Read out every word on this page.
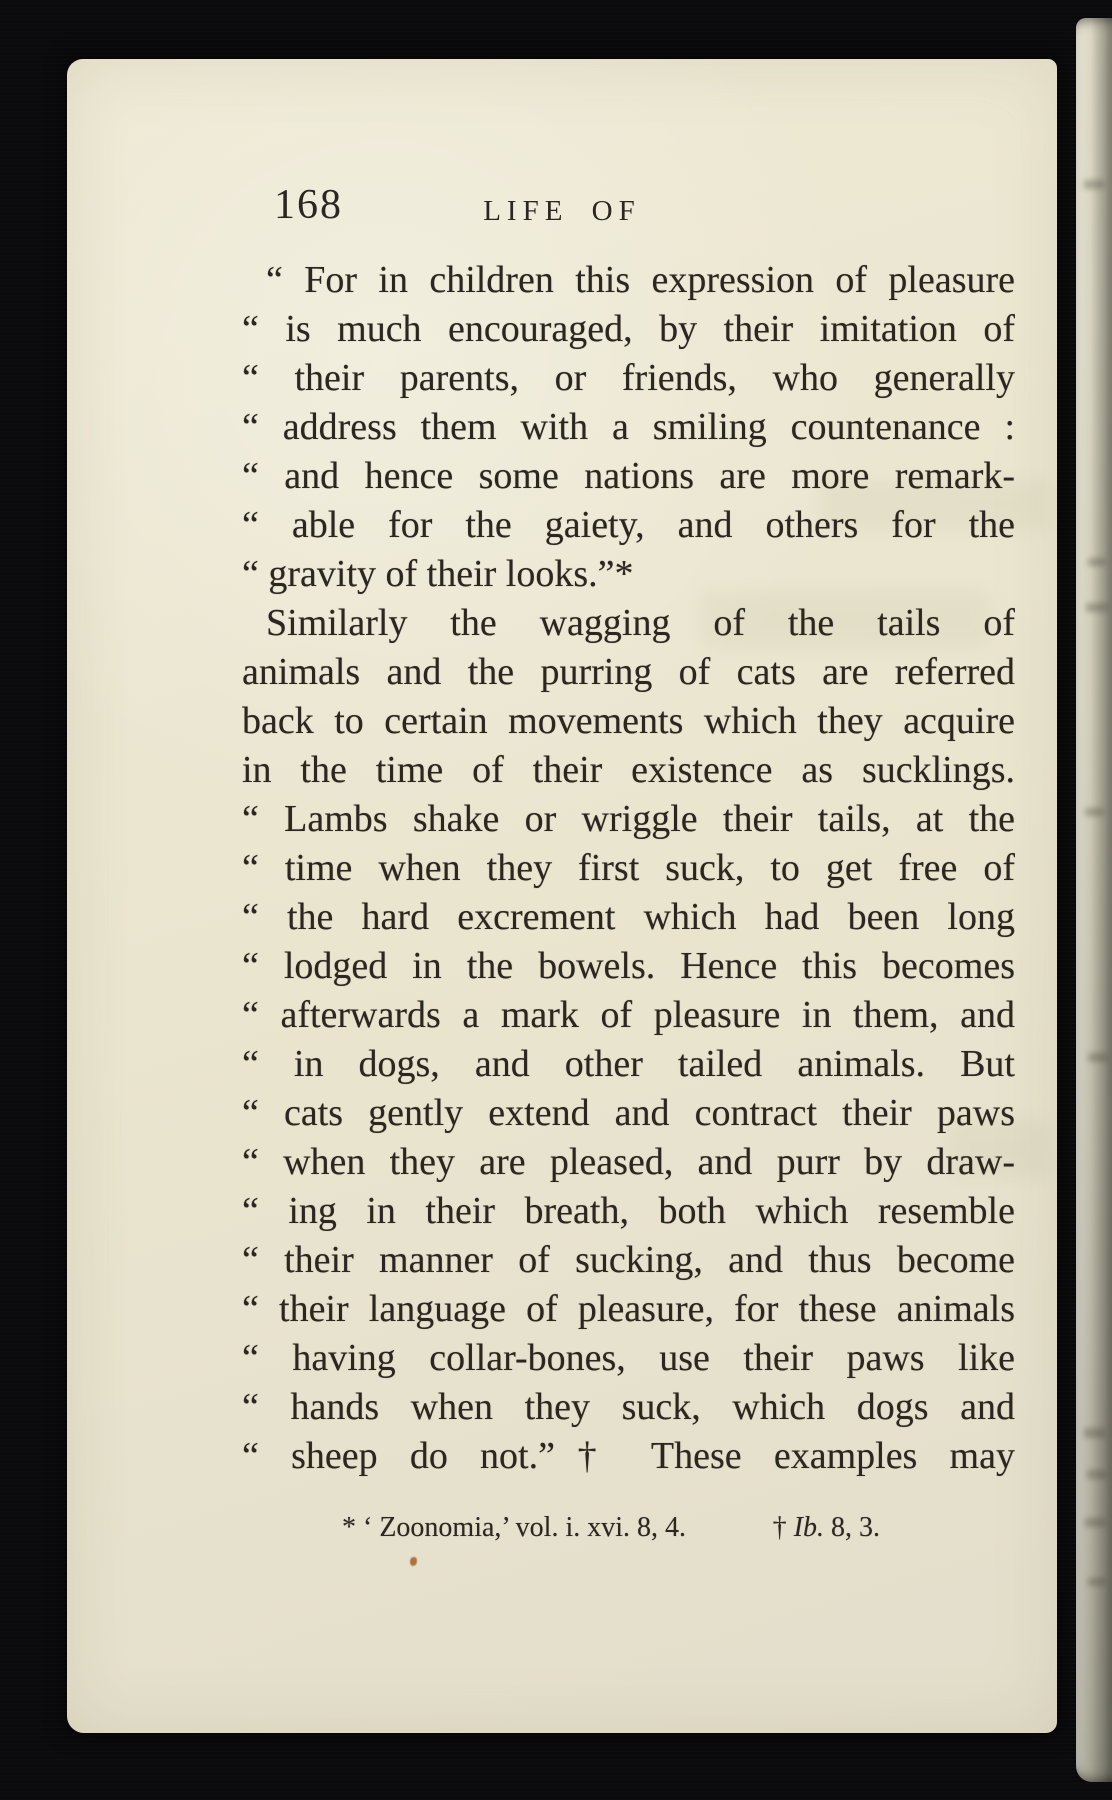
168	LIFE OF
“ For in children this expression of pleasure
“ is much encouraged, by their imitation of
“ their parents, or friends, who generally
“ address them with a smiling countenance :
“ and hence some nations are more remark-
“ able for the gaiety, and others for the
“ gravity of their looks.”*
Similarly the wagging of the tails of
animals and the purring of cats are referred
back to certain movements which they acquire
in the time of their existence as sucklings.
“ Lambs shake or wriggle their tails, at the
“ time when they first suck, to get free of
“ the hard excrement which had been long
“ lodged in the bowels. Hence this becomes
“ afterwards a mark of pleasure in them, and
“ in dogs, and other tailed animals. But
“ cats gently extend and contract their paws
“ when they are pleased, and purr by draw-
“ ing in their breath, both which resemble
“ their manner of sucking, and thus become
“ their language of pleasure, for these animals
“ having collar-bones, use their paws like
“ hands when they suck, which dogs and
“ sheep do not.”† These examples may
* ‘ Zoonomia,’ vol. i. xvi. 8, 4.	† Ib. 8, 3.
